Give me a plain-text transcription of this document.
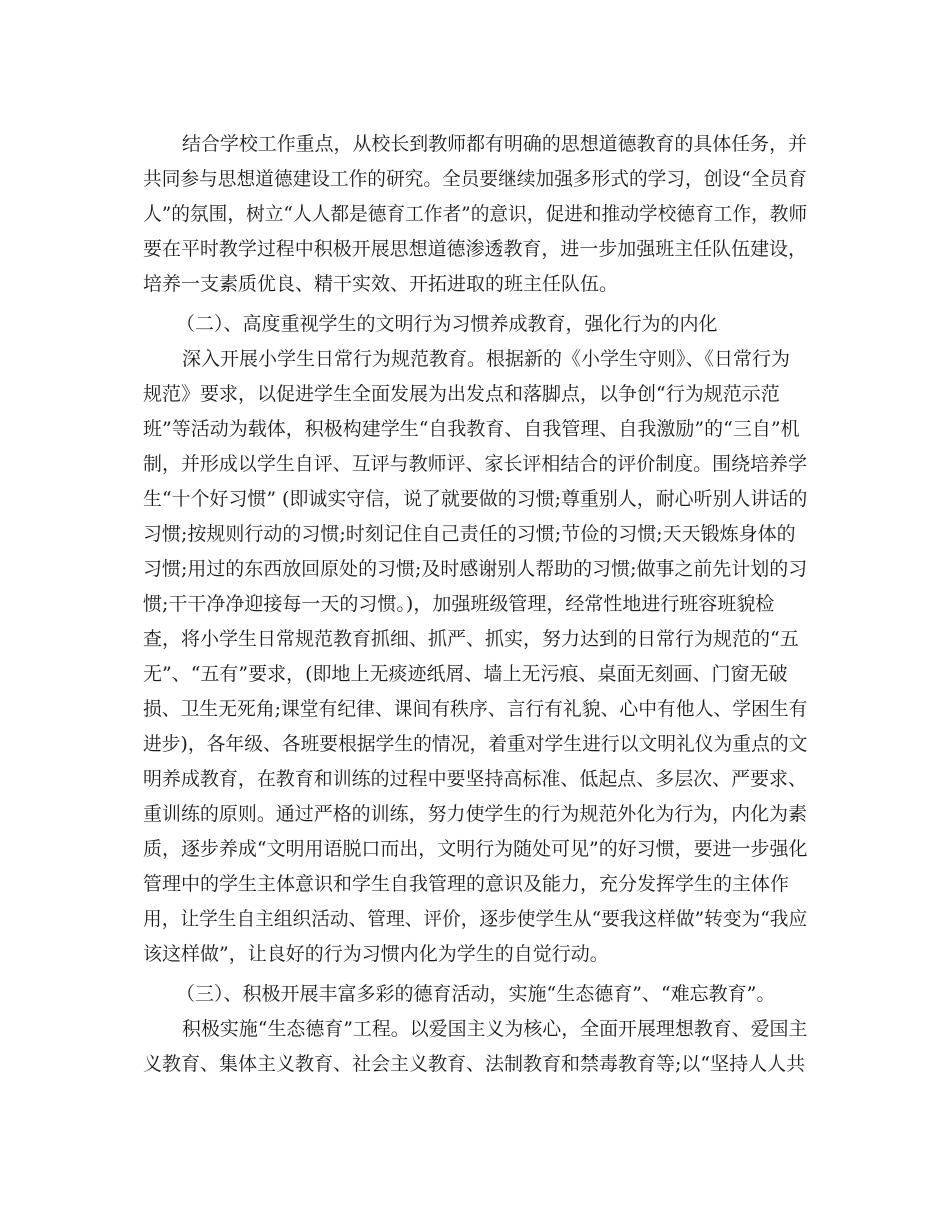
结合学校工作重点，从校长到教师都有明确的思想道德教育的具体任务，并
共同参与思想道德建设工作的研究。全员要继续加强多形式的学习，创设“全员育
人”的氛围，树立“人人都是德育工作者”的意识，促进和推动学校德育工作，教师
要在平时教学过程中积极开展思想道德渗透教育，进一步加强班主任队伍建设，
培养一支素质优良、精干实效、开拓进取的班主任队伍。
（二）、高度重视学生的文明行为习惯养成教育，强化行为的内化
深入开展小学生日常行为规范教育。根据新的《小学生守则》、《日常行为
规范》要求，以促进学生全面发展为出发点和落脚点，以争创“行为规范示范
班”等活动为载体，积极构建学生“自我教育、自我管理、自我激励”的“三自”机
制，并形成以学生自评、互评与教师评、家长评相结合的评价制度。围绕培养学
生“十个好习惯” (即诚实守信，说了就要做的习惯;尊重别人，耐心听别人讲话的
习惯;按规则行动的习惯;时刻记住自己责任的习惯;节俭的习惯;天天锻炼身体的
习惯;用过的东西放回原处的习惯;及时感谢别人帮助的习惯;做事之前先计划的习
惯;干干净净迎接每一天的习惯。)，加强班级管理，经常性地进行班容班貌检
查，将小学生日常规范教育抓细、抓严、抓实，努力达到的日常行为规范的“五
无”、“五有”要求，(即地上无痰迹纸屑、墙上无污痕、桌面无刻画、门窗无破
损、卫生无死角;课堂有纪律、课间有秩序、言行有礼貌、心中有他人、学困生有
进步)，各年级、各班要根据学生的情况，着重对学生进行以文明礼仪为重点的文
明养成教育，在教育和训练的过程中要坚持高标准、低起点、多层次、严要求、
重训练的原则。通过严格的训练，努力使学生的行为规范外化为行为，内化为素
质，逐步养成“文明用语脱口而出，文明行为随处可见”的好习惯，要进一步强化
管理中的学生主体意识和学生自我管理的意识及能力，充分发挥学生的主体作
用，让学生自主组织活动、管理、评价，逐步使学生从“要我这样做”转变为“我应
该这样做”，让良好的行为习惯内化为学生的自觉行动。
（三）、积极开展丰富多彩的德育活动，实施“生态德育”、“难忘教育”。
积极实施“生态德育”工程。以爱国主义为核心，全面开展理想教育、爱国主
义教育、集体主义教育、社会主义教育、法制教育和禁毒教育等;以“坚持人人共
